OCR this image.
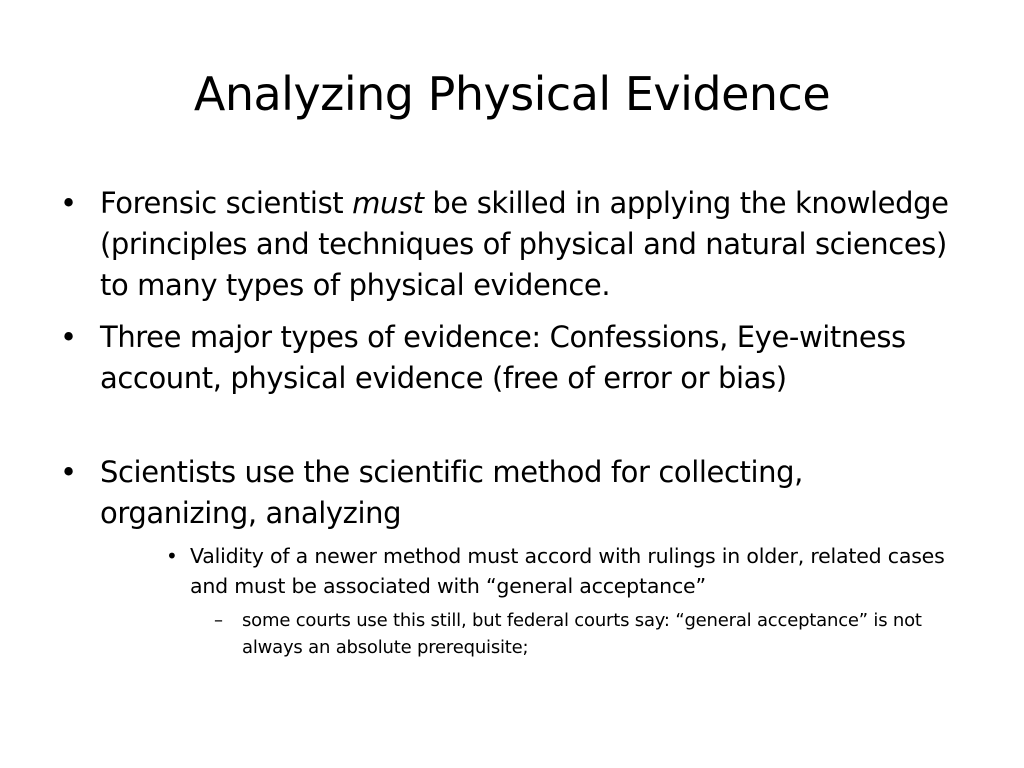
Analyzing Physical Evidence
• Forensic scientist must be skilled in applying the knowledge (principles and techniques of physical and natural sciences) to many types of physical evidence.
• Three major types of evidence: Confessions, Eye-witness account, physical evidence (free of error or bias)
• Scientists use the scientific method for collecting, organizing, analyzing
• Validity of a newer method must accord with rulings in older, related cases and must be associated with “general acceptance”
– some courts use this still, but federal courts say: “general acceptance” is not always an absolute prerequisite;
